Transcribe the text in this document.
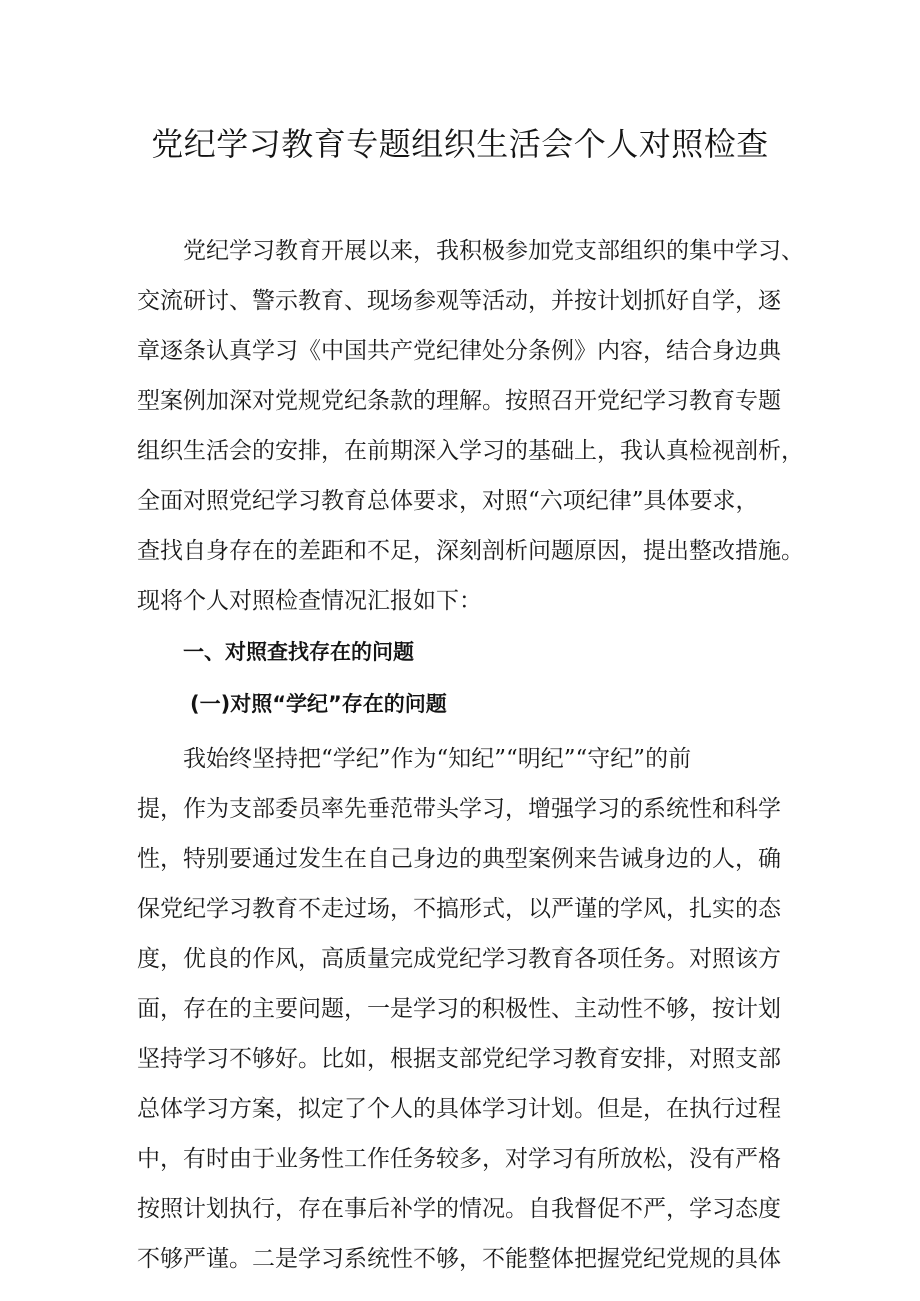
党纪学习教育专题组织生活会个人对照检查
党纪学习教育开展以来，我积极参加党支部组织的集中学习、
交流研讨、警示教育、现场参观等活动，并按计划抓好自学，逐
章逐条认真学习《中国共产党纪律处分条例》内容，结合身边典
型案例加深对党规党纪条款的理解。按照召开党纪学习教育专题
组织生活会的安排，在前期深入学习的基础上，我认真检视剖析，
全面对照党纪学习教育总体要求，对照“六项纪律”具体要求，
查找自身存在的差距和不足，深刻剖析问题原因，提出整改措施。
现将个人对照检查情况汇报如下：
一、对照查找存在的问题
(一)对照“学纪”存在的问题
我始终坚持把“学纪”作为“知纪”“明纪”“守纪”的前
提，作为支部委员率先垂范带头学习，增强学习的系统性和科学
性，特别要通过发生在自己身边的典型案例来告诫身边的人，确
保党纪学习教育不走过场，不搞形式，以严谨的学风，扎实的态
度，优良的作风，高质量完成党纪学习教育各项任务。对照该方
面，存在的主要问题，一是学习的积极性、主动性不够，按计划
坚持学习不够好。比如，根据支部党纪学习教育安排，对照支部
总体学习方案，拟定了个人的具体学习计划。但是，在执行过程
中，有时由于业务性工作任务较多，对学习有所放松，没有严格
按照计划执行，存在事后补学的情况。自我督促不严，学习态度
不够严谨。二是学习系统性不够，不能整体把握党纪党规的具体
